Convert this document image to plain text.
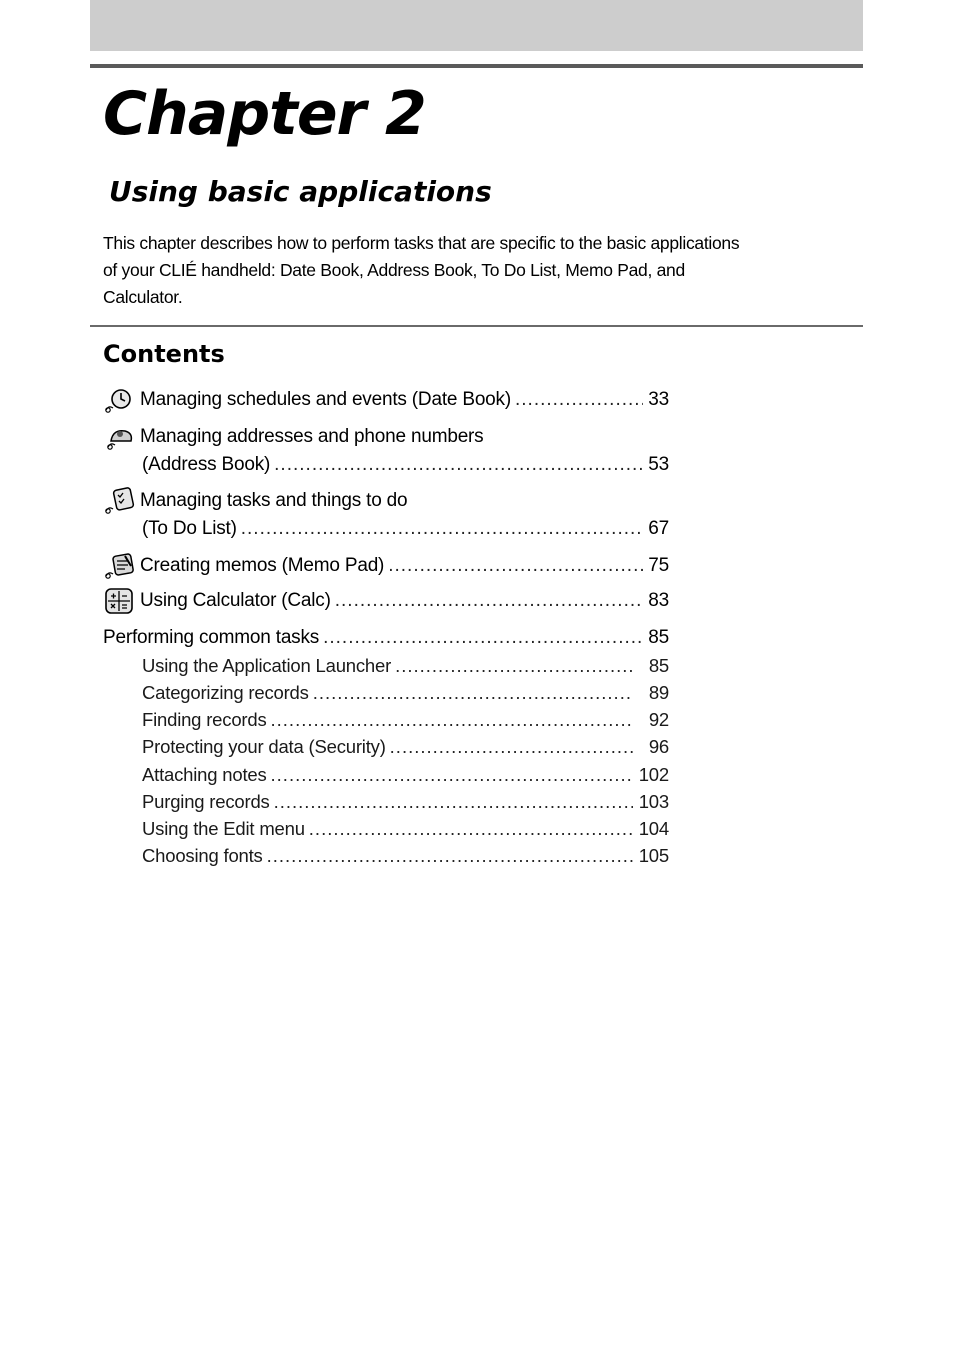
Chapter 2
Using basic applications
This chapter describes how to perform tasks that are specific to the basic applications
of your CLIÉ handheld: Date Book, Address Book, To Do List, Memo Pad, and
Calculator.
Contents
Managing schedules and events (Date Book) .....	33
Managing addresses and phone numbers
(Address Book) .....	53
Managing tasks and things to do
(To Do List) .....	67
Creating memos (Memo Pad) .....	75
Using Calculator (Calc) .....	83
Performing common tasks .....	85
Using the Application Launcher .....	85
Categorizing records .....	89
Finding records .....	92
Protecting your data (Security) .....	96
Attaching notes .....	102
Purging records .....	103
Using the Edit menu .....	104
Choosing fonts .....	105
